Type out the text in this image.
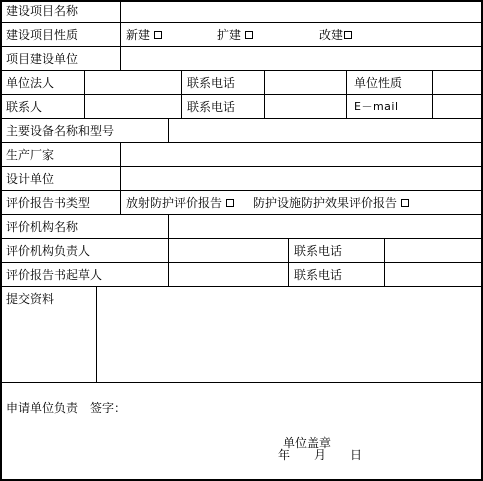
建设项目名称
建设项目性质	新建	扩建	改建
项目建设单位
单位法人	联系电话	单位性质
联系人	联系电话	E－mail
主要设备名称和型号
生产厂家
设计单位
评价报告书类型	放射防护评价报告	防护设施防护效果评价报告
评价机构名称
评价机构负责人	联系电话
评价报告书起草人	联系电话
提交资料
申请单位负责　签字：
单位盖章
年　　月　　日
